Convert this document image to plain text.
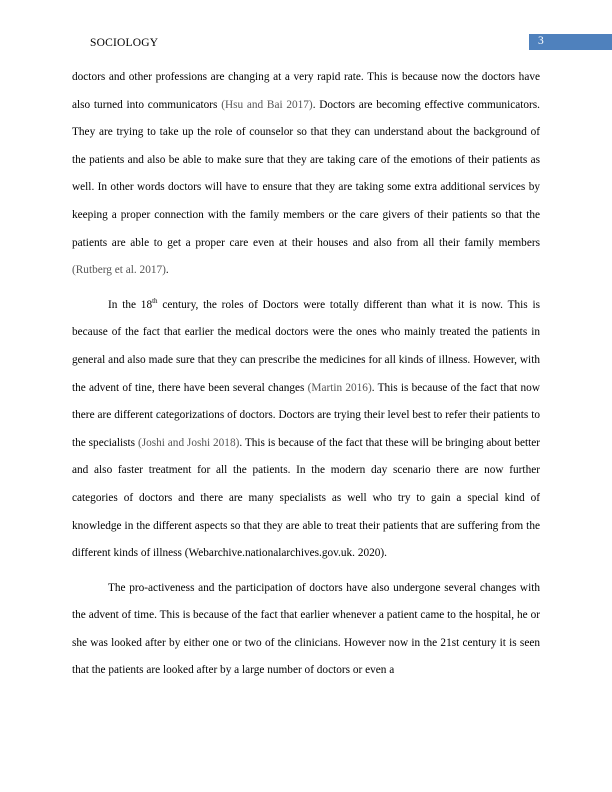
SOCIOLOGY	3

doctors and other professions are changing at a very rapid rate. This is because now the doctors have also turned into communicators (Hsu and Bai 2017). Doctors are becoming effective communicators. They are trying to take up the role of counselor so that they can understand about the background of the patients and also be able to make sure that they are taking care of the emotions of their patients as well. In other words doctors will have to ensure that they are taking some extra additional services by keeping a proper connection with the family members or the care givers of their patients so that the patients are able to get a proper care even at their houses and also from all their family members (Rutberg et al. 2017).

In the 18th century, the roles of Doctors were totally different than what it is now. This is because of the fact that earlier the medical doctors were the ones who mainly treated the patients in general and also made sure that they can prescribe the medicines for all kinds of illness. However, with the advent of tine, there have been several changes (Martin 2016). This is because of the fact that now there are different categorizations of doctors. Doctors are trying their level best to refer their patients to the specialists (Joshi and Joshi 2018). This is because of the fact that these will be bringing about better and also faster treatment for all the patients. In the modern day scenario there are now further categories of doctors and there are many specialists as well who try to gain a special kind of knowledge in the different aspects so that they are able to treat their patients that are suffering from the different kinds of illness (Webarchive.nationalarchives.gov.uk. 2020).

The pro-activeness and the participation of doctors have also undergone several changes with the advent of time. This is because of the fact that earlier whenever a patient came to the hospital, he or she was looked after by either one or two of the clinicians. However now in the 21st century it is seen that the patients are looked after by a large number of doctors or even a
